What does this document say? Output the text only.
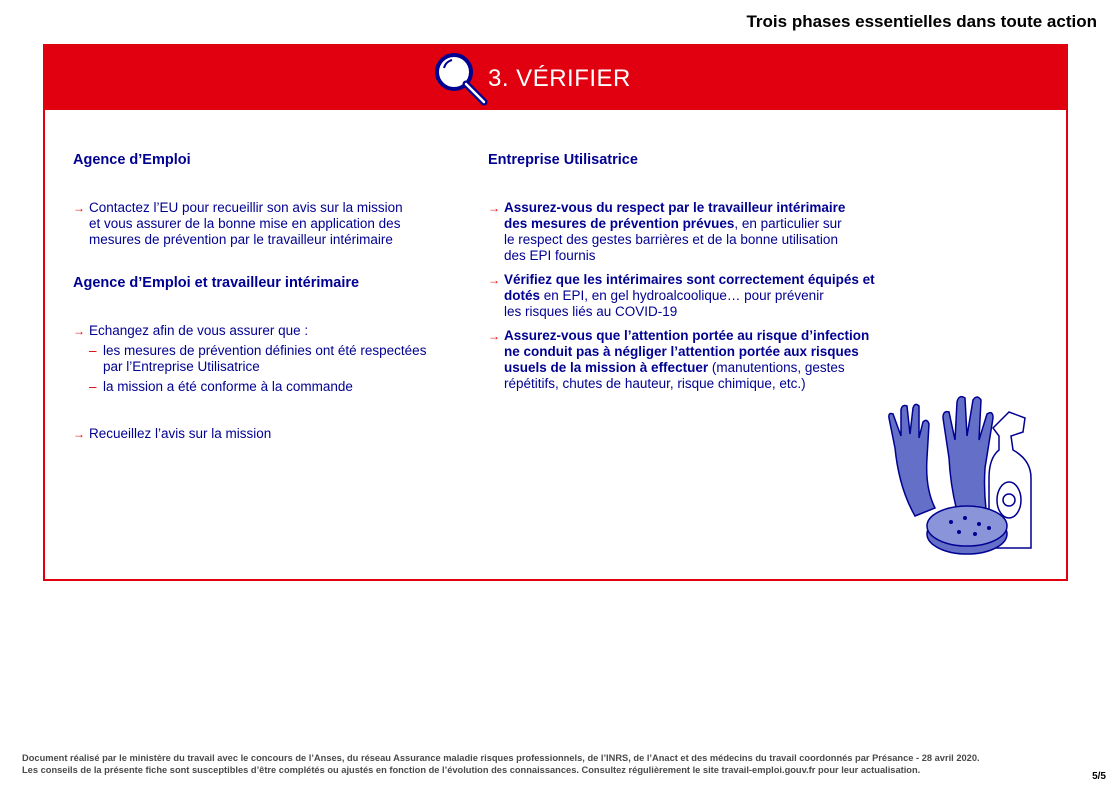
Trois phases essentielles dans toute action
3. VÉRIFIER

Agence d’Emploi

→ Contactez l’EU pour recueillir son avis sur la mission
et vous assurer de la bonne mise en application des
mesures de prévention par le travailleur intérimaire

Agence d’Emploi et travailleur intérimaire

→ Echangez afin de vous assurer que :
– les mesures de prévention définies ont été respectées
par l’Entreprise Utilisatrice
– la mission a été conforme à la commande
→ Recueillez l’avis sur la mission

Entreprise Utilisatrice

→ Assurez-vous du respect par le travailleur intérimaire
des mesures de prévention prévues, en particulier sur
le respect des gestes barrières et de la bonne utilisation
des EPI fournis
→ Vérifiez que les intérimaires sont correctement équipés et
dotés en EPI, en gel hydroalcoolique… pour prévenir
les risques liés au COVID-19
→ Assurez-vous que l’attention portée au risque d’infection
ne conduit pas à négliger l’attention portée aux risques
usuels de la mission à effectuer (manutentions, gestes
répétitifs, chutes de hauteur, risque chimique, etc.)
Document réalisé par le ministère du travail avec le concours de l’Anses, du réseau Assurance maladie risques professionnels, de l’INRS, de l’Anact et des médecins du travail coordonnés par Présance - 28 avril 2020.
Les conseils de la présente fiche sont susceptibles d’être complétés ou ajustés en fonction de l’évolution des connaissances. Consultez régulièrement le site travail-emploi.gouv.fr pour leur actualisation.
5/5
